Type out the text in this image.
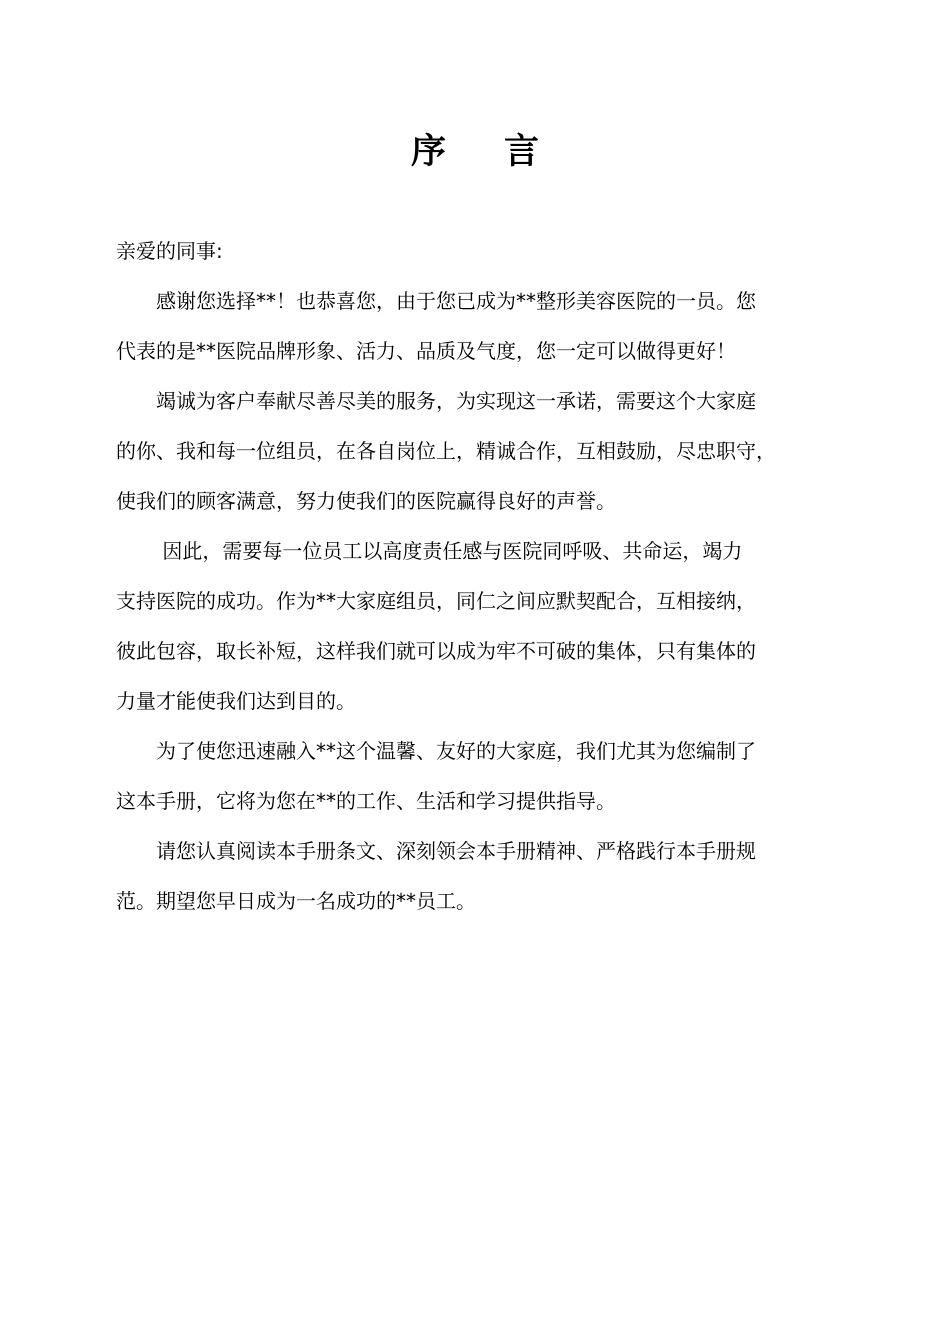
序言
亲爱的同事:
　　感谢您选择**！也恭喜您，由于您已成为**整形美容医院的一员。您
代表的是**医院品牌形象、活力、品质及气度，您一定可以做得更好！
　　竭诚为客户奉献尽善尽美的服务，为实现这一承诺，需要这个大家庭
的你、我和每一位组员，在各自岗位上，精诚合作，互相鼓励，尽忠职守，
使我们的顾客满意，努力使我们的医院赢得良好的声誉。
　　 因此，需要每一位员工以高度责任感与医院同呼吸、共命运，竭力
支持医院的成功。作为**大家庭组员，同仁之间应默契配合，互相接纳，
彼此包容，取长补短，这样我们就可以成为牢不可破的集体，只有集体的
力量才能使我们达到目的。
　　为了使您迅速融入**这个温馨、友好的大家庭，我们尤其为您编制了
这本手册，它将为您在**的工作、生活和学习提供指导。
　　请您认真阅读本手册条文、深刻领会本手册精神、严格践行本手册规
范。期望您早日成为一名成功的**员工。
